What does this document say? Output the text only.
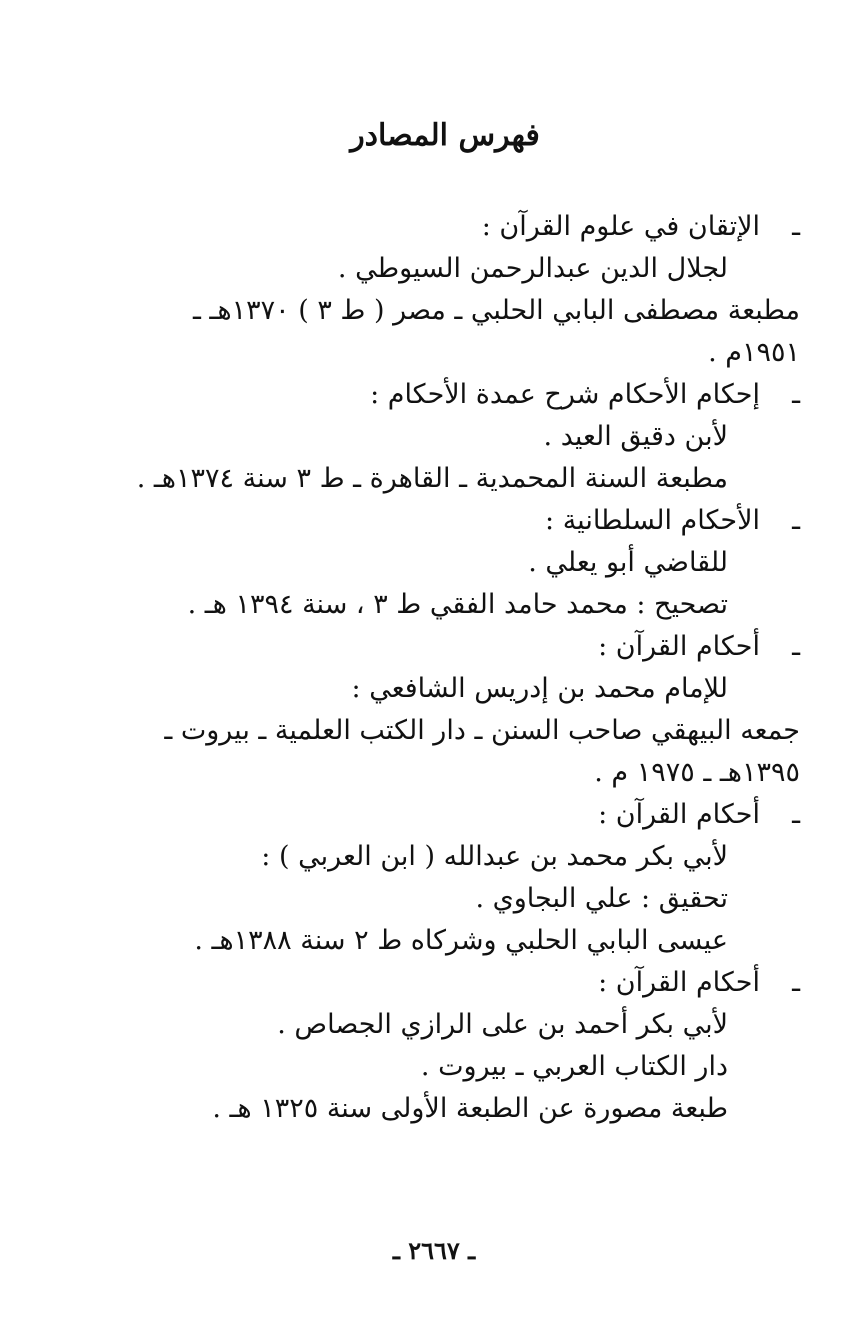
فهرس المصادر
ـالإتقان في علوم القرآن :
لجلال الدين عبدالرحمن السيوطي .
مطبعة مصطفى البابي الحلبي ـ مصر ( ط ٣ ) ١٣٧٠هـ ـ
١٩٥١م .
ـإحكام الأحكام شرح عمدة الأحكام :
لأبن دقيق العيد .
مطبعة السنة المحمدية ـ القاهرة ـ ط ٣ سنة ١٣٧٤هـ .
ـالأحكام السلطانية :
للقاضي أبو يعلي .
تصحيح : محمد حامد الفقي ط ٣ ، سنة ١٣٩٤ هـ .
ـأحكام القرآن :
للإمام محمد بن إدريس الشافعي :
جمعه البيهقي صاحب السنن ـ دار الكتب العلمية ـ بيروت ـ
١٣٩٥هـ ـ ١٩٧٥ م .
ـأحكام القرآن :
لأبي بكر محمد بن عبدالله ( ابن العربي ) :
تحقيق : علي البجاوي .
عيسى البابي الحلبي وشركاه ط ٢ سنة ١٣٨٨هـ .
ـأحكام القرآن :
لأبي بكر أحمد بن على الرازي الجصاص .
دار الكتاب العربي ـ بيروت .
طبعة مصورة عن الطبعة الأولى سنة ١٣٢٥ هـ .
ـ ٢٦٦٧ ـ
